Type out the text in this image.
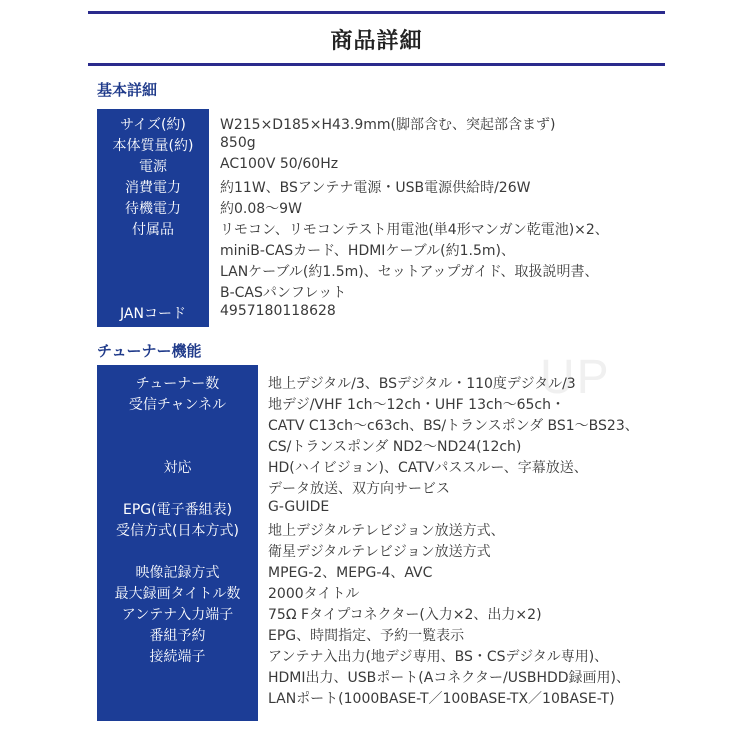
商品詳細
UP
基本詳細
サイズ(約)
本体質量(約)
電源
消費電力
待機電力
付属品
JANコード
W215×D185×H43.9mm(脚部含む、突起部含まず)
850g
AC100V 50/60Hz
約11W、BSアンテナ電源・USB電源供給時/26W
約0.08～9W
リモコン、リモコンテスト用電池(単4形マンガン乾電池)×2、
miniB-CASカード、HDMIケーブル(約1.5m)、
LANケーブル(約1.5m)、セットアップガイド、取扱説明書、
B-CASパンフレット
4957180118628
チューナー機能
チューナー数
受信チャンネル
対応
EPG(電子番組表)
受信方式(日本方式)
映像記録方式
最大録画タイトル数
アンテナ入力端子
番組予約
接続端子
地上デジタル/3、BSデジタル・110度デジタル/3
地デジ/VHF 1ch～12ch・UHF 13ch～65ch・
CATV C13ch～c63ch、BS/トランスポンダ BS1～BS23、
CS/トランスポンダ ND2～ND24(12ch)
HD(ハイビジョン)、CATVパススルー、字幕放送、
データ放送、双方向サービス
G-GUIDE
地上デジタルテレビジョン放送方式、
衛星デジタルテレビジョン放送方式
MPEG-2、MEPG-4、AVC
2000タイトル
75Ω Fタイプコネクター(入力×2、出力×2)
EPG、時間指定、予約一覧表示
アンテナ入出力(地デジ専用、BS・CSデジタル専用)、
HDMI出力、USBポート(Aコネクター/USBHDD録画用)、
LANポート(1000BASE-T／100BASE-TX／10BASE-T)
